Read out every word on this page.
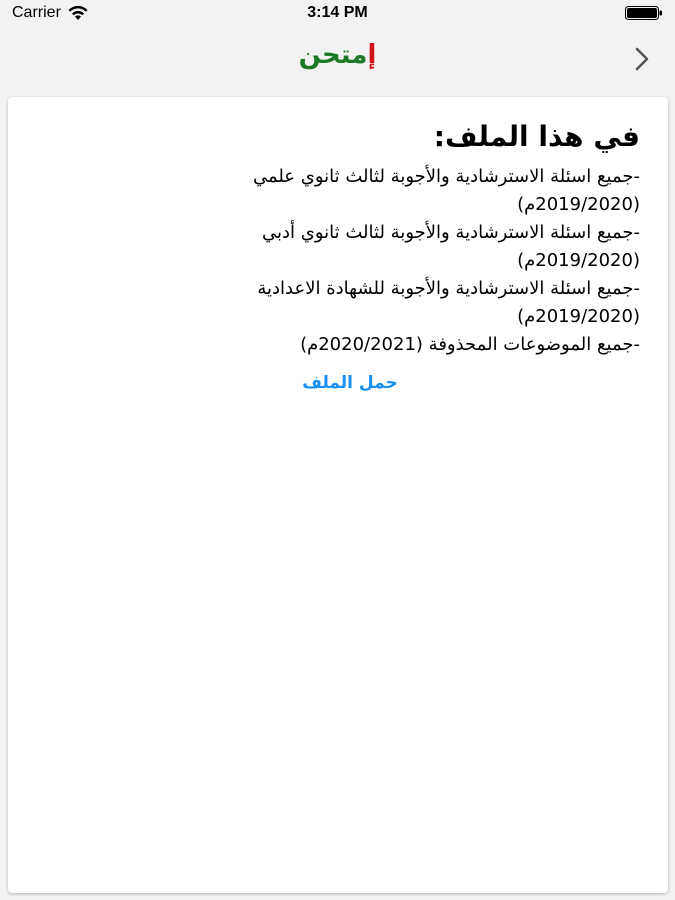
Carrier	3:14 PM
إمتحن
في هذا الملف:

-جميع اسئلة الاسترشادية والأجوبة لثالث ثانوي علمي

(2019/2020م)

-جميع اسئلة الاسترشادية والأجوبة لثالث ثانوي أدبي

(2019/2020م)

-جميع اسئلة الاسترشادية والأجوبة للشهادة الاعدادية

(2019/2020م)

-جميع الموضوعات المحذوفة (2020/2021م)

حمل الملف
